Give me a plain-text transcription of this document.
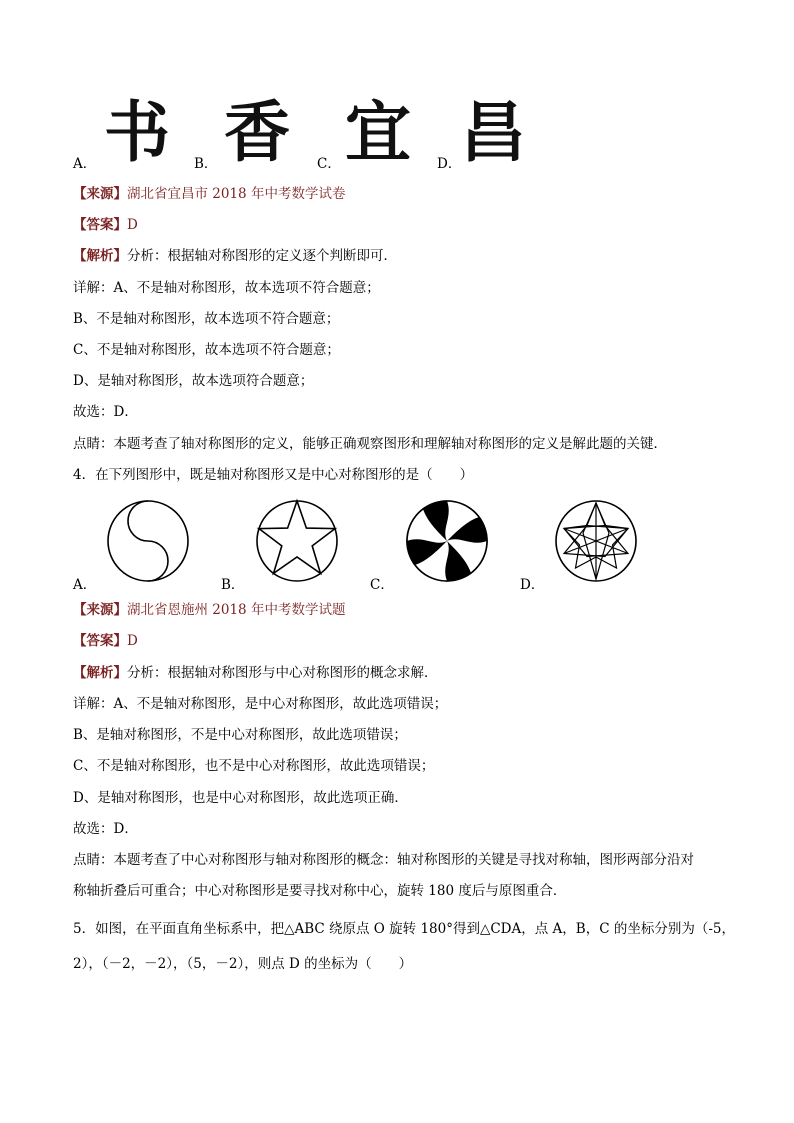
A． 书 B． 香 C． 宜 D．
昌
【来源】湖北省宜昌市 2018 年中考数学试卷
【答案】D
【解析】分析：根据轴对称图形的定义逐个判断即可．
详解：A、不是轴对称图形，故本选项不符合题意；
B、不是轴对称图形，故本选项不符合题意；
C、不是轴对称图形，故本选项不符合题意；
D、是轴对称图形，故本选项符合题意；
故选：D．
点睛：本题考查了轴对称图形的定义，能够正确观察图形和理解轴对称图形的定义是解此题的关键．
4．在下列图形中，既是轴对称图形又是中心对称图形的是（　　）
A．	B．	C．	D．
【来源】湖北省恩施州 2018 年中考数学试题
【答案】D
【解析】分析：根据轴对称图形与中心对称图形的概念求解．
详解：A、不是轴对称图形，是中心对称图形，故此选项错误；
B、是轴对称图形，不是中心对称图形，故此选项错误；
C、不是轴对称图形，也不是中心对称图形，故此选项错误；
D、是轴对称图形，也是中心对称图形，故此选项正确．
故选：D．
点睛：本题考查了中心对称图形与轴对称图形的概念：轴对称图形的关键是寻找对称轴，图形两部分沿对
称轴折叠后可重合；中心对称图形是要寻找对称中心，旋转 180 度后与原图重合．
5．如图，在平面直角坐标系中，把△ABC 绕原点 O 旋转 180°得到△CDA，点 A，B，C 的坐标分别为（-5，
2），（－2，－2），（5，－2），则点 D 的坐标为（　　）
